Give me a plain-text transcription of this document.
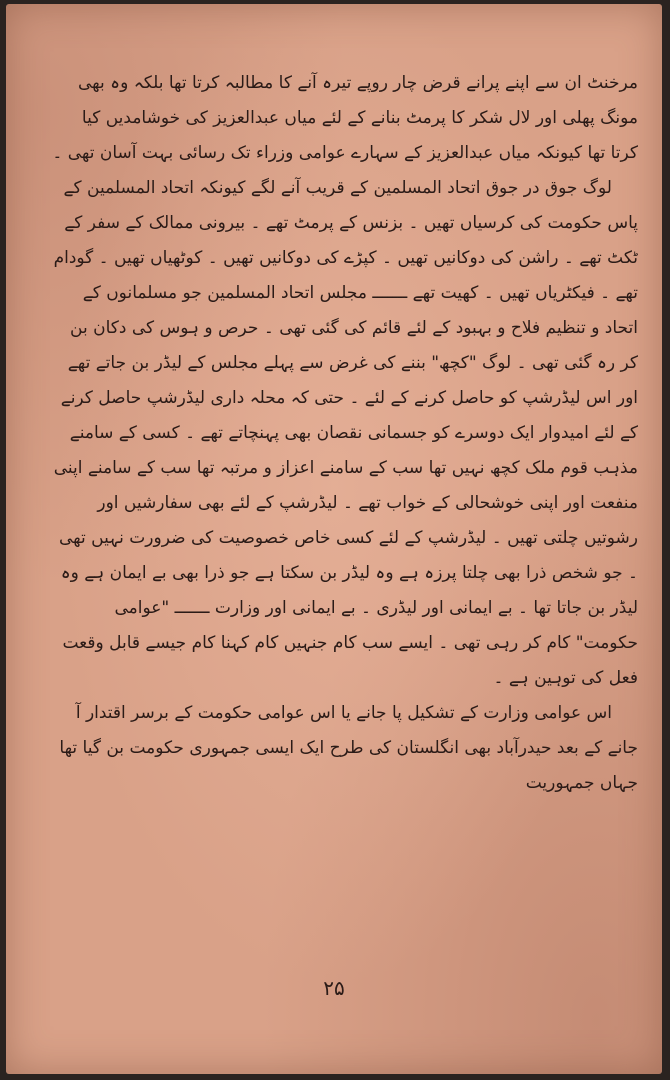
مرخنٹ ان سے اپنے پرانے قرض چار روپے تیرہ آنے کا مطالبہ کرتا تھا بلکہ وہ بھی مونگ پھلی اور لال شکر کا پرمٹ بنانے کے لئے میاں عبدالعزیز کی خوشامدیں کیا کرتا تھا کیونکہ میاں عبدالعزیز کے سہارے عوامی وزراء تک رسائی بہت آسان تھی ۔

لوگ جوق در جوق اتحاد المسلمین کے قریب آنے لگے کیونکہ اتحاد المسلمین کے پاس حکومت کی کرسیاں تھیں ۔ بزنس کے پرمٹ تھے ۔ بیرونی ممالک کے سفر کے ٹکٹ تھے ۔ راشن کی دوکانیں تھیں ۔ کپڑے کی دوکانیں تھیں ۔ کوٹھیاں تھیں ۔ گودام تھے ۔ فیکٹریاں تھیں ۔ کھیت تھے ـــــــ مجلس اتحاد المسلمین جو مسلمانوں کے اتحاد و تنظیم فلاح و بہبود کے لئے قائم کی گئی تھی ۔ حرص و ہوس کی دکان بن کر رہ گئی تھی ۔ لوگ "کچھ" بننے کی غرض سے پہلے مجلس کے لیڈر بن جاتے تھے اور اس لیڈرشپ کو حاصل کرنے کے لئے ۔ حتی کہ محلہ داری لیڈرشپ حاصل کرنے کے لئے امیدوار ایک دوسرے کو جسمانی نقصان بھی پہنچاتے تھے ۔ کسی کے سامنے مذہب قوم ملک کچھ نہیں تھا سب کے سامنے اعزاز و مرتبہ تھا سب کے سامنے اپنی منفعت اور اپنی خوشحالی کے خواب تھے ۔ لیڈرشپ کے لئے بھی سفارشیں اور رشوتیں چلتی تھیں ۔ لیڈرشپ کے لئے کسی خاص خصوصیت کی ضرورت نہیں تھی ۔ جو شخص ذرا بھی چلتا پرزہ ہے وہ لیڈر بن سکتا ہے جو ذرا بھی بے ایمان ہے وہ لیڈر بن جاتا تھا ۔ بے ایمانی اور لیڈری ۔ بے ایمانی اور وزارت ـــــــ "عوامی حکومت" کام کر رہی تھی ۔ ایسے سب کام جنہیں کام کہنا کام جیسے قابل وقعت فعل کی توہین ہے ۔

اس عوامی وزارت کے تشکیل پا جانے یا اس عوامی حکومت کے برسر اقتدار آ جانے کے بعد حیدرآباد بھی انگلستان کی طرح ایک ایسی جمہوری حکومت بن گیا تھا جہاں جمہوریت

۲۵
